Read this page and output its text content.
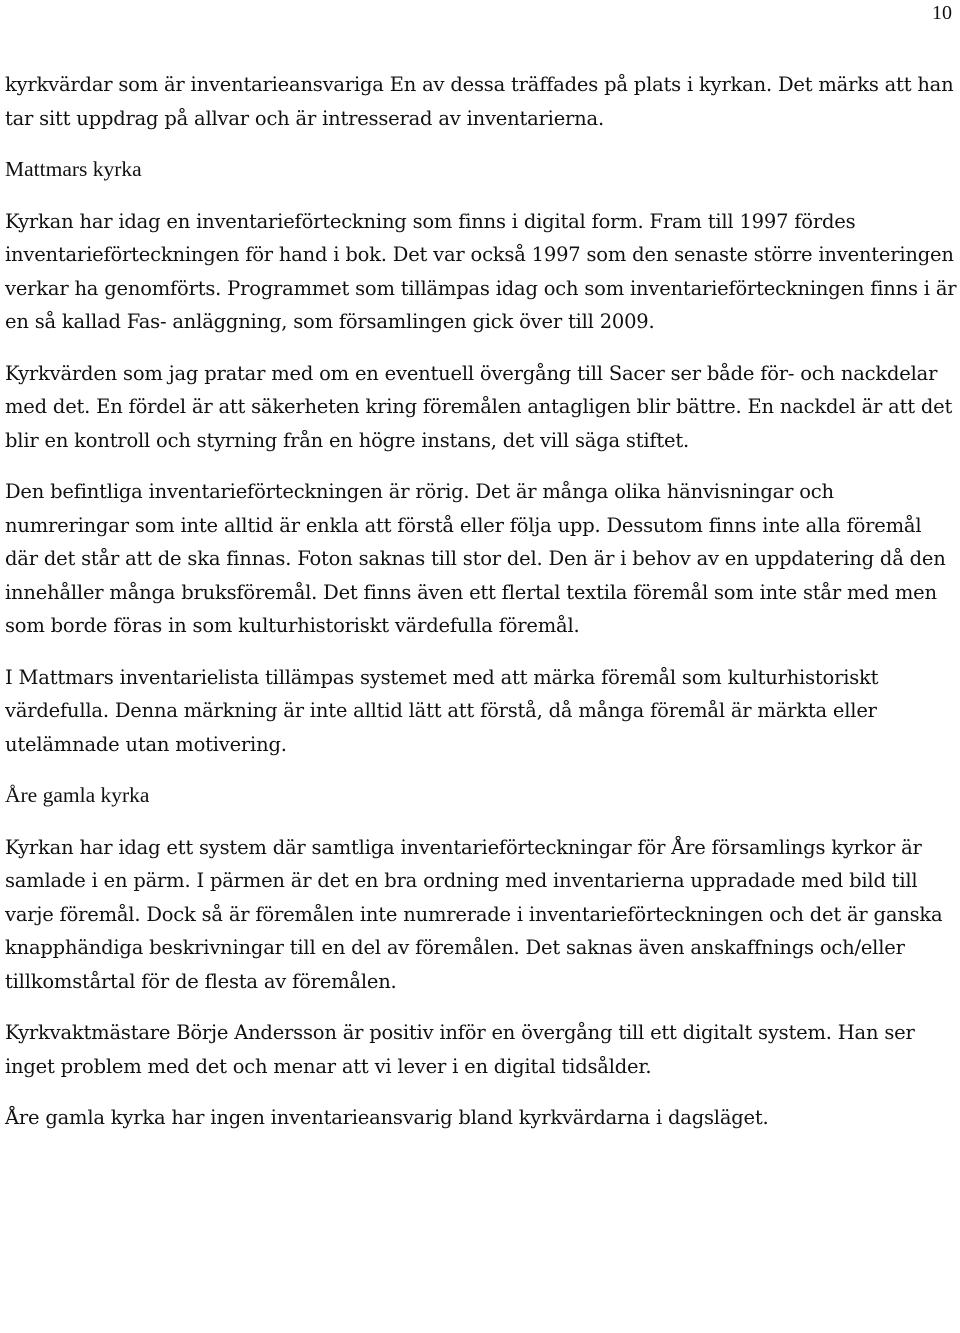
10

kyrkvärdar som är inventarieansvariga En av dessa träffades på plats i kyrkan. Det märks att han tar sitt uppdrag på allvar och är intresserad av inventarierna.

Mattmars kyrka

Kyrkan har idag en inventarieförteckning som finns i digital form. Fram till 1997 fördes inventarieförteckningen för hand i bok. Det var också 1997 som den senaste större inventeringen verkar ha genomförts. Programmet som tillämpas idag och som inventarieförteckningen finns i är en så kallad Fas- anläggning, som församlingen gick över till 2009.

Kyrkvärden som jag pratar med om en eventuell övergång till Sacer ser både för- och nackdelar med det. En fördel är att säkerheten kring föremålen antagligen blir bättre. En nackdel är att det blir en kontroll och styrning från en högre instans, det vill säga stiftet.

Den befintliga inventarieförteckningen är rörig. Det är många olika hänvisningar och numreringar som inte alltid är enkla att förstå eller följa upp. Dessutom finns inte alla föremål där det står att de ska finnas. Foton saknas till stor del. Den är i behov av en uppdatering då den innehåller många bruksföremål. Det finns även ett flertal textila föremål som inte står med men som borde föras in som kulturhistoriskt värdefulla föremål.

I Mattmars inventarielista tillämpas systemet med att märka föremål som kulturhistoriskt värdefulla. Denna märkning är inte alltid lätt att förstå, då många föremål är märkta eller utelämnade utan motivering.

Åre gamla kyrka

Kyrkan har idag ett system där samtliga inventarieförteckningar för Åre församlings kyrkor är samlade i en pärm. I pärmen är det en bra ordning med inventarierna uppradade med bild till varje föremål. Dock så är föremålen inte numrerade i inventarieförteckningen och det är ganska knapphändiga beskrivningar till en del av föremålen. Det saknas även anskaffnings och/eller tillkomstårtal för de flesta av föremålen.

Kyrkvaktmästare Börje Andersson är positiv inför en övergång till ett digitalt system. Han ser inget problem med det och menar att vi lever i en digital tidsålder.

Åre gamla kyrka har ingen inventarieansvarig bland kyrkvärdarna i dagsläget.
